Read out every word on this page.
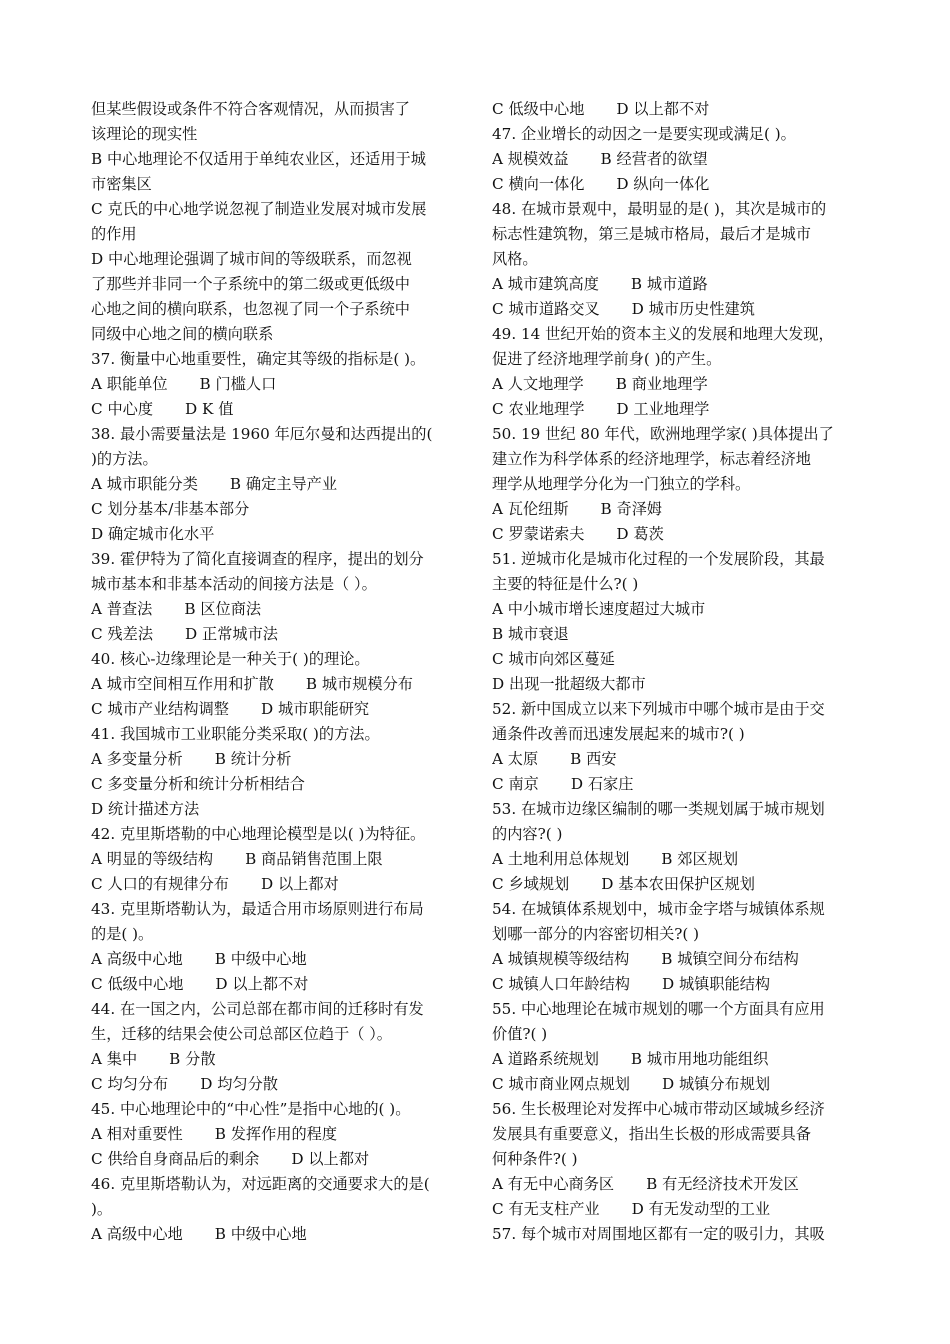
但某些假设或条件不符合客观情况，从而损害了
该理论的现实性
B 中心地理论不仅适用于单纯农业区，还适用于城
市密集区
C 克氏的中心地学说忽视了制造业发展对城市发展
的作用
D 中心地理论强调了城市间的等级联系，而忽视
了那些并非同一个子系统中的第二级或更低级中
心地之间的横向联系，也忽视了同一个子系统中
同级中心地之间的横向联系
37. 衡量中心地重要性，确定其等级的指标是( )。
A 职能单位 B 门槛人口
C 中心度 D K 值
38. 最小需要量法是 1960 年厄尔曼和达西提出的(
)的方法。
A 城市职能分类 B 确定主导产业
C 划分基本/非基本部分
D 确定城市化水平
39. 霍伊特为了简化直接调查的程序，提出的划分
城市基本和非基本活动的间接方法是（ ）。
A 普查法 B 区位商法
C 残差法 D 正常城市法
40. 核心-边缘理论是一种关于( )的理论。
A 城市空间相互作用和扩散 B 城市规模分布
C 城市产业结构调整 D 城市职能研究
41. 我国城市工业职能分类采取( )的方法。
A 多变量分析 B 统计分析
C 多变量分析和统计分析相结合
D 统计描述方法
42. 克里斯塔勒的中心地理论模型是以( )为特征。
A 明显的等级结构 B 商品销售范围上限
C 人口的有规律分布 D 以上都对
43. 克里斯塔勒认为，最适合用市场原则进行布局
的是( )。
A 高级中心地 B 中级中心地
C 低级中心地 D 以上都不对
44. 在一国之内，公司总部在都市间的迁移时有发
生，迁移的结果会使公司总部区位趋于（ ）。
A 集中 B 分散
C 均匀分布 D 均匀分散
45. 中心地理论中的“中心性”是指中心地的( )。
A 相对重要性 B 发挥作用的程度
C 供给自身商品后的剩余 D 以上都对
46. 克里斯塔勒认为，对远距离的交通要求大的是(
)。
A 高级中心地 B 中级中心地
C 低级中心地 D 以上都不对
47. 企业增长的动因之一是要实现或满足( )。
A 规模效益 B 经营者的欲望
C 横向一体化 D 纵向一体化
48. 在城市景观中，最明显的是( )，其次是城市的
标志性建筑物，第三是城市格局，最后才是城市
风格。
A 城市建筑高度 B 城市道路
C 城市道路交叉 D 城市历史性建筑
49. 14 世纪开始的资本主义的发展和地理大发现，
促进了经济地理学前身( )的产生。
A 人文地理学 B 商业地理学
C 农业地理学 D 工业地理学
50. 19 世纪 80 年代，欧洲地理学家( )具体提出了
建立作为科学体系的经济地理学，标志着经济地
理学从地理学分化为一门独立的学科。
A 瓦伦纽斯 B 奇泽姆
C 罗蒙诺索夫 D 葛茨
51. 逆城市化是城市化过程的一个发展阶段，其最
主要的特征是什么?( )
A 中小城市增长速度超过大城市
B 城市衰退
C 城市向郊区蔓延
D 出现一批超级大都市
52. 新中国成立以来下列城市中哪个城市是由于交
通条件改善而迅速发展起来的城市?( )
A 太原 B 西安
C 南京 D 石家庄
53. 在城市边缘区编制的哪一类规划属于城市规划
的内容?( )
A 土地利用总体规划 B 郊区规划
C 乡域规划 D 基本农田保护区规划
54. 在城镇体系规划中，城市金字塔与城镇体系规
划哪一部分的内容密切相关?( )
A 城镇规模等级结构 B 城镇空间分布结构
C 城镇人口年龄结构 D 城镇职能结构
55. 中心地理论在城市规划的哪一个方面具有应用
价值?( )
A 道路系统规划 B 城市用地功能组织
C 城市商业网点规划 D 城镇分布规划
56. 生长极理论对发挥中心城市带动区域城乡经济
发展具有重要意义，指出生长极的形成需要具备
何种条件?( )
A 有无中心商务区 B 有无经济技术开发区
C 有无支柱产业 D 有无发动型的工业
57. 每个城市对周围地区都有一定的吸引力，其吸
